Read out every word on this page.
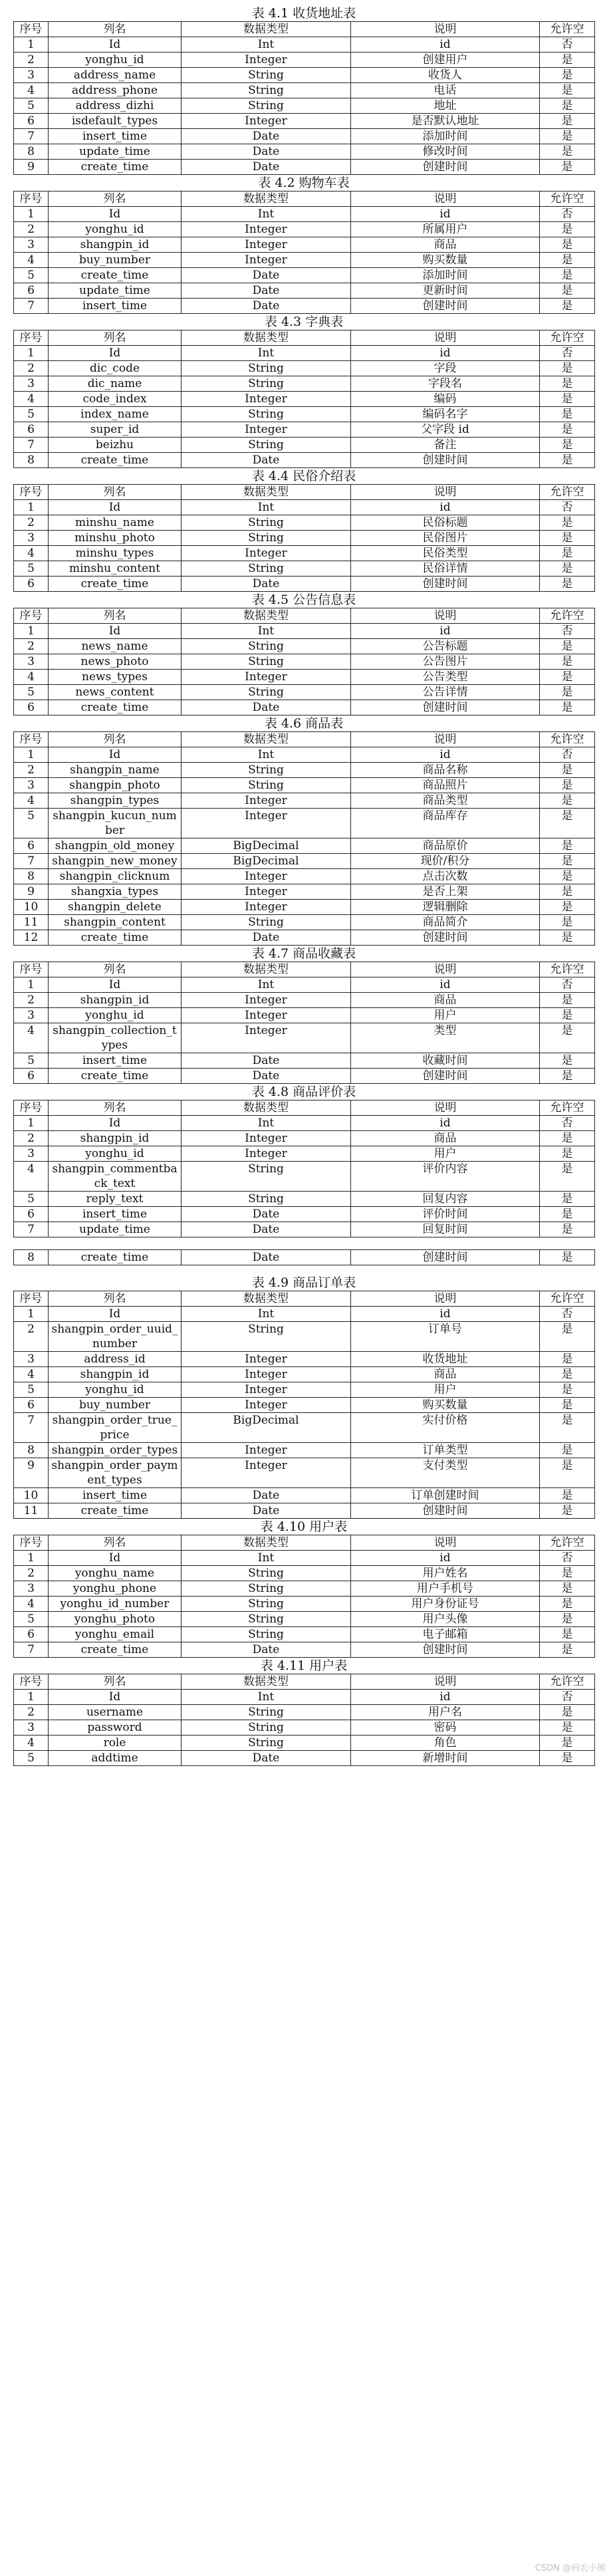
表 4.1 收货地址表
序号	列名	数据类型	说明	允许空
1	Id	Int	id	否
2	yonghu_id	Integer	创建用户	是
3	address_name	String	收货人	是
4	address_phone	String	电话	是
5	address_dizhi	String	地址	是
6	isdefault_types	Integer	是否默认地址	是
7	insert_time	Date	添加时间	是
8	update_time	Date	修改时间	是
9	create_time	Date	创建时间	是
表 4.2 购物车表
序号	列名	数据类型	说明	允许空
1	Id	Int	id	否
2	yonghu_id	Integer	所属用户	是
3	shangpin_id	Integer	商品	是
4	buy_number	Integer	购买数量	是
5	create_time	Date	添加时间	是
6	update_time	Date	更新时间	是
7	insert_time	Date	创建时间	是
表 4.3 字典表
序号	列名	数据类型	说明	允许空
1	Id	Int	id	否
2	dic_code	String	字段	是
3	dic_name	String	字段名	是
4	code_index	Integer	编码	是
5	index_name	String	编码名字	是
6	super_id	Integer	父字段 id	是
7	beizhu	String	备注	是
8	create_time	Date	创建时间	是
表 4.4 民俗介绍表
序号	列名	数据类型	说明	允许空
1	Id	Int	id	否
2	minshu_name	String	民俗标题	是
3	minshu_photo	String	民俗图片	是
4	minshu_types	Integer	民俗类型	是
5	minshu_content	String	民俗详情	是
6	create_time	Date	创建时间	是
表 4.5 公告信息表
序号	列名	数据类型	说明	允许空
1	Id	Int	id	否
2	news_name	String	公告标题	是
3	news_photo	String	公告图片	是
4	news_types	Integer	公告类型	是
5	news_content	String	公告详情	是
6	create_time	Date	创建时间	是
表 4.6 商品表
序号	列名	数据类型	说明	允许空
1	Id	Int	id	否
2	shangpin_name	String	商品名称	是
3	shangpin_photo	String	商品照片	是
4	shangpin_types	Integer	商品类型	是
5	shangpin_kucun_number	Integer	商品库存	是
6	shangpin_old_money	BigDecimal	商品原价	是
7	shangpin_new_money	BigDecimal	现价/积分	是
8	shangpin_clicknum	Integer	点击次数	是
9	shangxia_types	Integer	是否上架	是
10	shangpin_delete	Integer	逻辑删除	是
11	shangpin_content	String	商品简介	是
12	create_time	Date	创建时间	是
表 4.7 商品收藏表
序号	列名	数据类型	说明	允许空
1	Id	Int	id	否
2	shangpin_id	Integer	商品	是
3	yonghu_id	Integer	用户	是
4	shangpin_collection_types	Integer	类型	是
5	insert_time	Date	收藏时间	是
6	create_time	Date	创建时间	是
表 4.8 商品评价表
序号	列名	数据类型	说明	允许空
1	Id	Int	id	否
2	shangpin_id	Integer	商品	是
3	yonghu_id	Integer	用户	是
4	shangpin_commentback_text	String	评价内容	是
5	reply_text	String	回复内容	是
6	insert_time	Date	评价时间	是
7	update_time	Date	回复时间	是
8	create_time	Date	创建时间	是
表 4.9 商品订单表
序号	列名	数据类型	说明	允许空
1	Id	Int	id	否
2	shangpin_order_uuid_number	String	订单号	是
3	address_id	Integer	收货地址	是
4	shangpin_id	Integer	商品	是
5	yonghu_id	Integer	用户	是
6	buy_number	Integer	购买数量	是
7	shangpin_order_true_price	BigDecimal	实付价格	是
8	shangpin_order_types	Integer	订单类型	是
9	shangpin_order_payment_types	Integer	支付类型	是
10	insert_time	Date	订单创建时间	是
11	create_time	Date	创建时间	是
表 4.10 用户表
序号	列名	数据类型	说明	允许空
1	Id	Int	id	否
2	yonghu_name	String	用户姓名	是
3	yonghu_phone	String	用户手机号	是
4	yonghu_id_number	String	用户身份证号	是
5	yonghu_photo	String	用户头像	是
6	yonghu_email	String	电子邮箱	是
7	create_time	Date	创建时间	是
表 4.11 用户表
序号	列名	数据类型	说明	允许空
1	Id	Int	id	否
2	username	String	用户名	是
3	password	String	密码	是
4	role	String	角色	是
5	addtime	Date	新增时间	是
CSDN @码农小熊
